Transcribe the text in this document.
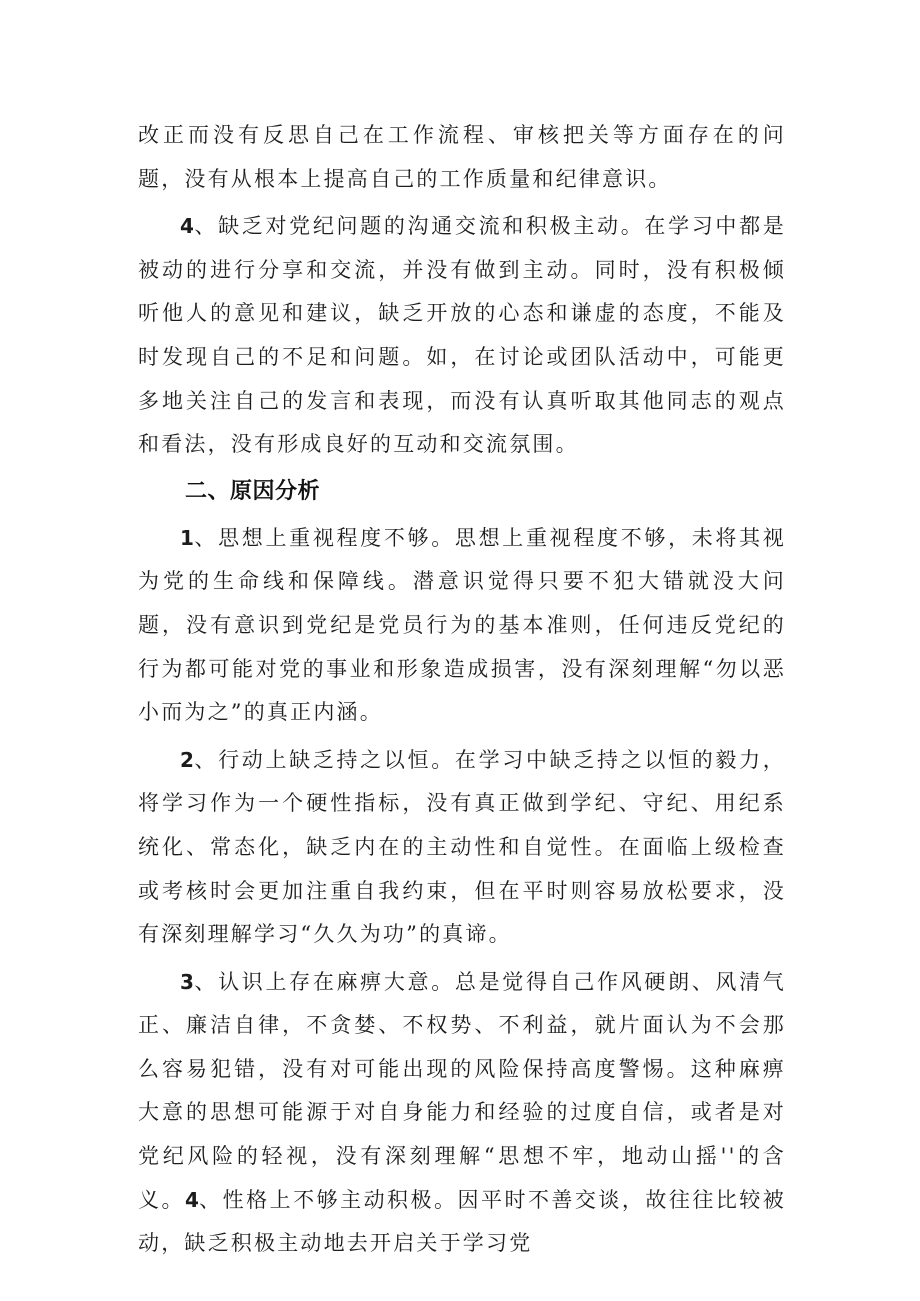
改正而没有反思自己在工作流程、审核把关等方面存在的问题，没有从根本上提高自己的工作质量和纪律意识。

4、缺乏对党纪问题的沟通交流和积极主动。在学习中都是被动的进行分享和交流，并没有做到主动。同时，没有积极倾听他人的意见和建议，缺乏开放的心态和谦虚的态度，不能及时发现自己的不足和问题。如，在讨论或团队活动中，可能更多地关注自己的发言和表现，而没有认真听取其他同志的观点和看法，没有形成良好的互动和交流氛围。

二、原因分析

1、思想上重视程度不够。思想上重视程度不够，未将其视为党的生命线和保障线。潜意识觉得只要不犯大错就没大问题，没有意识到党纪是党员行为的基本准则，任何违反党纪的行为都可能对党的事业和形象造成损害，没有深刻理解“勿以恶小而为之”的真正内涵。

2、行动上缺乏持之以恒。在学习中缺乏持之以恒的毅力，将学习作为一个硬性指标，没有真正做到学纪、守纪、用纪系统化、常态化，缺乏内在的主动性和自觉性。在面临上级检查或考核时会更加注重自我约束，但在平时则容易放松要求，没有深刻理解学习“久久为功”的真谛。

3、认识上存在麻痹大意。总是觉得自己作风硬朗、风清气正、廉洁自律，不贪婪、不权势、不利益，就片面认为不会那么容易犯错，没有对可能出现的风险保持高度警惕。这种麻痹大意的思想可能源于对自身能力和经验的过度自信，或者是对党纪风险的轻视，没有深刻理解“思想不牢，地动山摇''的含义。4、性格上不够主动积极。因平时不善交谈，故往往比较被动，缺乏积极主动地去开启关于学习党
